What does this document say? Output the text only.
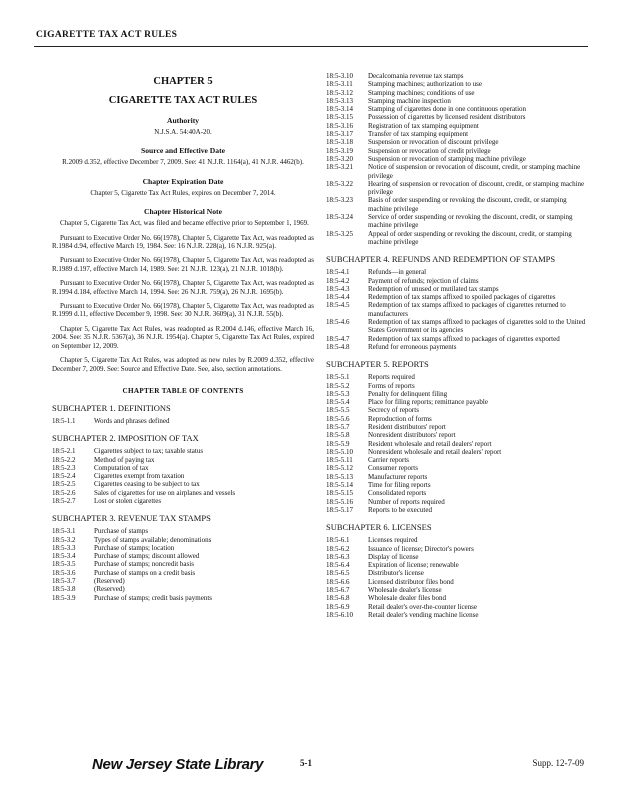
CIGARETTE TAX ACT RULES
CHAPTER 5
CIGARETTE TAX ACT RULES
Authority
N.J.S.A. 54:40A-20.
Source and Effective Date
R.2009 d.352, effective December 7, 2009. See: 41 N.J.R. 1164(a), 41 N.J.R. 4462(b).
Chapter Expiration Date
Chapter 5, Cigarette Tax Act Rules, expires on December 7, 2014.
Chapter Historical Note

Chapter 5, Cigarette Tax Act, was filed and became effective prior to September 1, 1969.

Pursuant to Executive Order No. 66(1978), Chapter 5, Cigarette Tax Act, was readopted as R.1984 d.94, effective March 19, 1984. See: 16 N.J.R. 228(a), 16 N.J.R. 925(a).

Pursuant to Executive Order No. 66(1978), Chapter 5, Cigarette Tax Act, was readopted as R.1989 d.197, effective March 14, 1989. See: 21 N.J.R. 123(a), 21 N.J.R. 1018(b).

Pursuant to Executive Order No. 66(1978), Chapter 5, Cigarette Tax Act, was readopted as R.1994 d.184, effective March 14, 1994. See: 26 N.J.R. 759(a), 26 N.J.R. 1695(b).

Pursuant to Executive Order No. 66(1978), Chapter 5, Cigarette Tax Act, was readopted as R.1999 d.11, effective December 9, 1998. See: 30 N.J.R. 3609(a), 31 N.J.R. 55(b).

Chapter 5, Cigarette Tax Act Rules, was readopted as R.2004 d.146, effective March 16, 2004. See: 35 N.J.R. 5367(a), 36 N.J.R. 1954(a). Chapter 5, Cigarette Tax Act Rules, expired on September 12, 2009.

Chapter 5, Cigarette Tax Act Rules, was adopted as new rules by R.2009 d.352, effective December 7, 2009. See: Source and Effective Date. See, also, section annotations.

CHAPTER TABLE OF CONTENTS
SUBCHAPTER 1. DEFINITIONS
18:5-1.1	Words and phrases defined
SUBCHAPTER 2. IMPOSITION OF TAX
18:5-2.1	Cigarettes subject to tax; taxable status
18:5-2.2	Method of paying tax
18:5-2.3	Computation of tax
18:5-2.4	Cigarettes exempt from taxation
18:5-2.5	Cigarettes ceasing to be subject to tax
18:5-2.6	Sales of cigarettes for use on airplanes and vessels
18:5-2.7	Lost or stolen cigarettes
SUBCHAPTER 3. REVENUE TAX STAMPS
18:5-3.1	Purchase of stamps
18:5-3.2	Types of stamps available; denominations
18:5-3.3	Purchase of stamps; location
18:5-3.4	Purchase of stamps; discount allowed
18:5-3.5	Purchase of stamps; noncredit basis
18:5-3.6	Purchase of stamps on a credit basis
18:5-3.7	(Reserved)
18:5-3.8	(Reserved)
18:5-3.9	Purchase of stamps; credit basis payments
18:5-3.10	Decalcomania revenue tax stamps
18:5-3.11	Stamping machines; authorization to use
18:5-3.12	Stamping machines; conditions of use
18:5-3.13	Stamping machine inspection
18:5-3.14	Stamping of cigarettes done in one continuous operation
18:5-3.15	Possession of cigarettes by licensed resident distributors
18:5-3.16	Registration of tax stamping equipment
18:5-3.17	Transfer of tax stamping equipment
18:5-3.18	Suspension or revocation of discount privilege
18:5-3.19	Suspension or revocation of credit privilege
18:5-3.20	Suspension or revocation of stamping machine privilege
18:5-3.21	Notice of suspension or revocation of discount, credit, or stamping machine privilege
18:5-3.22	Hearing of suspension or revocation of discount, credit, or stamping machine privilege
18:5-3.23	Basis of order suspending or revoking the discount, credit, or stamping machine privilege
18:5-3.24	Service of order suspending or revoking the discount, credit, or stamping machine privilege
18:5-3.25	Appeal of order suspending or revoking the discount, credit, or stamping machine privilege
SUBCHAPTER 4. REFUNDS AND REDEMPTION OF STAMPS
18:5-4.1	Refunds—in general
18:5-4.2	Payment of refunds; rejection of claims
18:5-4.3	Redemption of unused or mutilated tax stamps
18:5-4.4	Redemption of tax stamps affixed to spoiled packages of cigarettes
18:5-4.5	Redemption of tax stamps affixed to packages of cigarettes returned to manufacturers
18:5-4.6	Redemption of tax stamps affixed to packages of cigarettes sold to the United States Government or its agencies
18:5-4.7	Redemption of tax stamps affixed to packages of cigarettes exported
18:5-4.8	Refund for erroneous payments
SUBCHAPTER 5. REPORTS
18:5-5.1	Reports required
18:5-5.2	Forms of reports
18:5-5.3	Penalty for delinquent filing
18:5-5.4	Place for filing reports; remittance payable
18:5-5.5	Secrecy of reports
18:5-5.6	Reproduction of forms
18:5-5.7	Resident distributors' report
18:5-5.8	Nonresident distributors' report
18:5-5.9	Resident wholesale and retail dealers' report
18:5-5.10	Nonresident wholesale and retail dealers' report
18:5-5.11	Carrier reports
18:5-5.12	Consumer reports
18:5-5.13	Manufacturer reports
18:5-5.14	Time for filing reports
18:5-5.15	Consolidated reports
18:5-5.16	Number of reports required
18:5-5.17	Reports to be executed
SUBCHAPTER 6. LICENSES
18:5-6.1	Licenses required
18:5-6.2	Issuance of license; Director's powers
18:5-6.3	Display of license
18:5-6.4	Expiration of license; renewable
18:5-6.5	Distributor's license
18:5-6.6	Licensed distributor files bond
18:5-6.7	Wholesale dealer's license
18:5-6.8	Wholesale dealer files bond
18:5-6.9	Retail dealer's over-the-counter license
18:5-6.10	Retail dealer's vending machine license
New Jersey State Library	5-1	Supp. 12-7-09
